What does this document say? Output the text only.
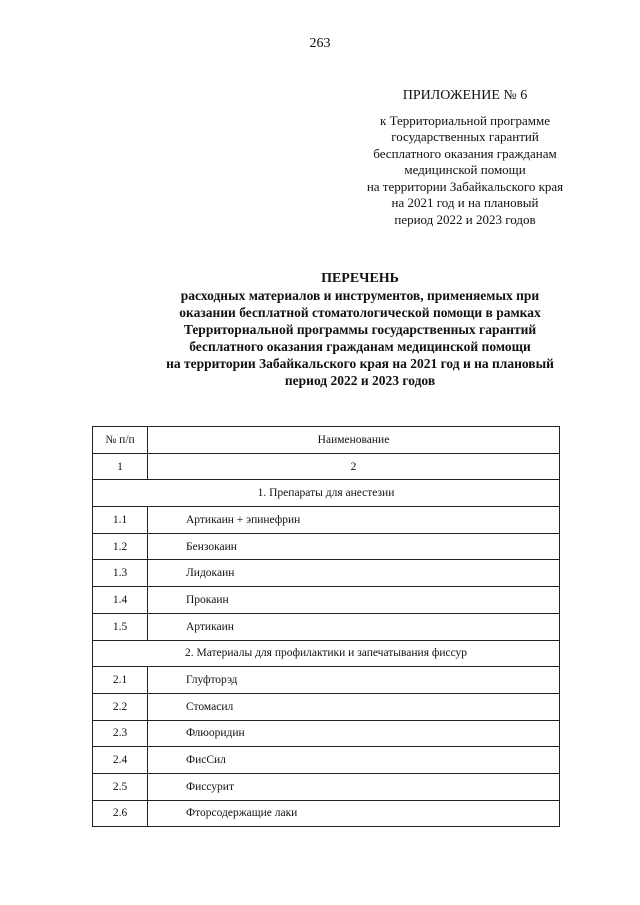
263
ПРИЛОЖЕНИЕ № 6
к Территориальной программе
государственных гарантий
бесплатного оказания гражданам
медицинской помощи
на территории Забайкальского края
на 2021 год и на плановый
период 2022 и 2023 годов
ПЕРЕЧЕНЬ
расходных материалов и инструментов, применяемых при
оказании бесплатной стоматологической помощи в рамках
Территориальной программы государственных гарантий
бесплатного оказания гражданам медицинской помощи
на территории Забайкальского края на 2021 год и на плановый
период 2022 и 2023 годов
№ п/п	Наименование
1	2
1. Препараты для анестезии	
1.1	Артикаин + эпинефрин
1.2	Бензокаин
1.3	Лидокаин
1.4	Прокаин
1.5	Артикаин
2. Материалы для профилактики и запечатывания фиссур	
2.1	Глуфторэд
2.2	Стомасил
2.3	Флюоридин
2.4	ФисСил
2.5	Фиссурит
2.6	Фторсодержащие лаки
